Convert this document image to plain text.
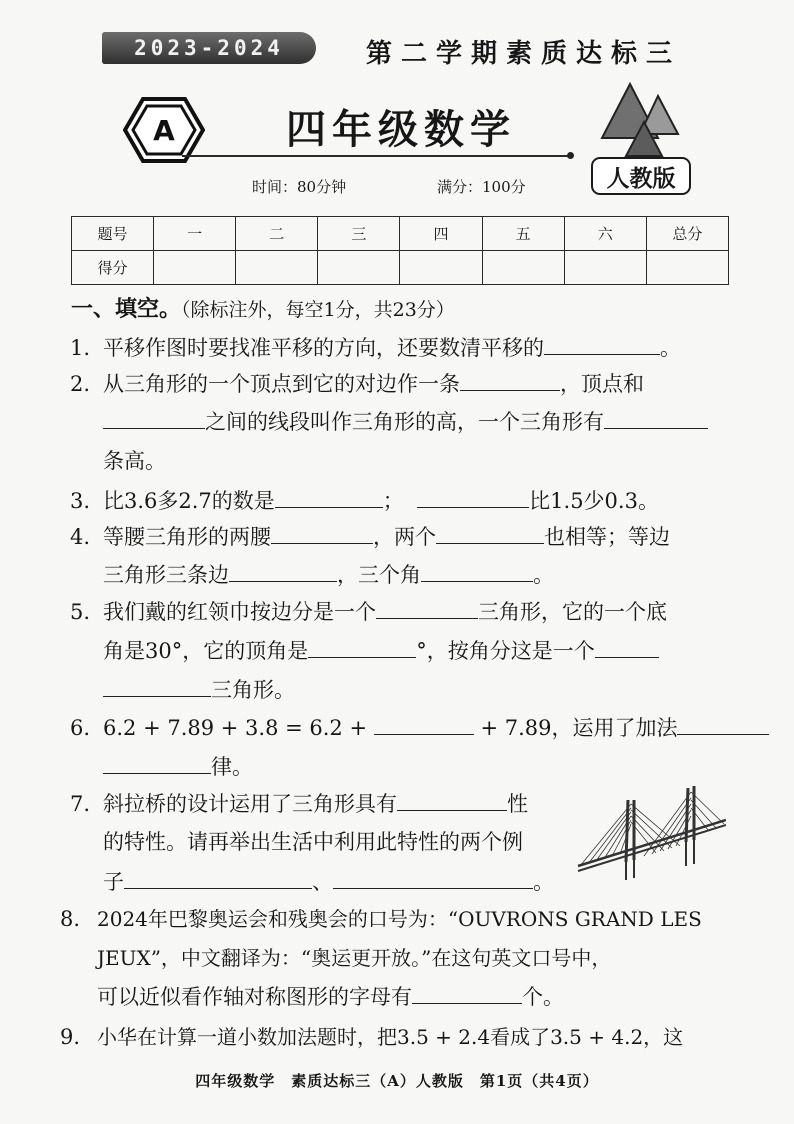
2023-2024	第二学期素质达标三
A	四年级数学
人教版
时间：80分钟	满分：100分
题号	一	二	三	四	五	六	总分
得分							
一、填空。（除标注外，每空1分，共23分）
1. 平移作图时要找准平移的方向，还要数清平移的	。
2. 从三角形的一个顶点到它的对边作一条	，顶点和
之间的线段叫作三角形的高，一个三角形有
条高。
3. 比3.6多2.7的数是	；	比1.5少0.3。
4. 等腰三角形的两腰	，两个	也相等；等边
三角形三条边	，三个角	。
5. 我们戴的红领巾按边分是一个	三角形，它的一个底
角是30°，它的顶角是	°，按角分这是一个
三角形。
6. 6.2 + 7.89 + 3.8 = 6.2 +	+ 7.89，运用了加法
律。
7. 斜拉桥的设计运用了三角形具有	性
的特性。请再举出生活中利用此特性的两个例
子	、	。
8. 2024年巴黎奥运会和残奥会的口号为：“OUVRONS GRAND LES
JEUX”，中文翻译为：“奥运更开放。”在这句英文口号中，
可以近似看作轴对称图形的字母有	个。
9. 小华在计算一道小数加法题时，把3.5 + 2.4看成了3.5 + 4.2，这
四年级数学　素质达标三（A）人教版　第1页（共4页）
